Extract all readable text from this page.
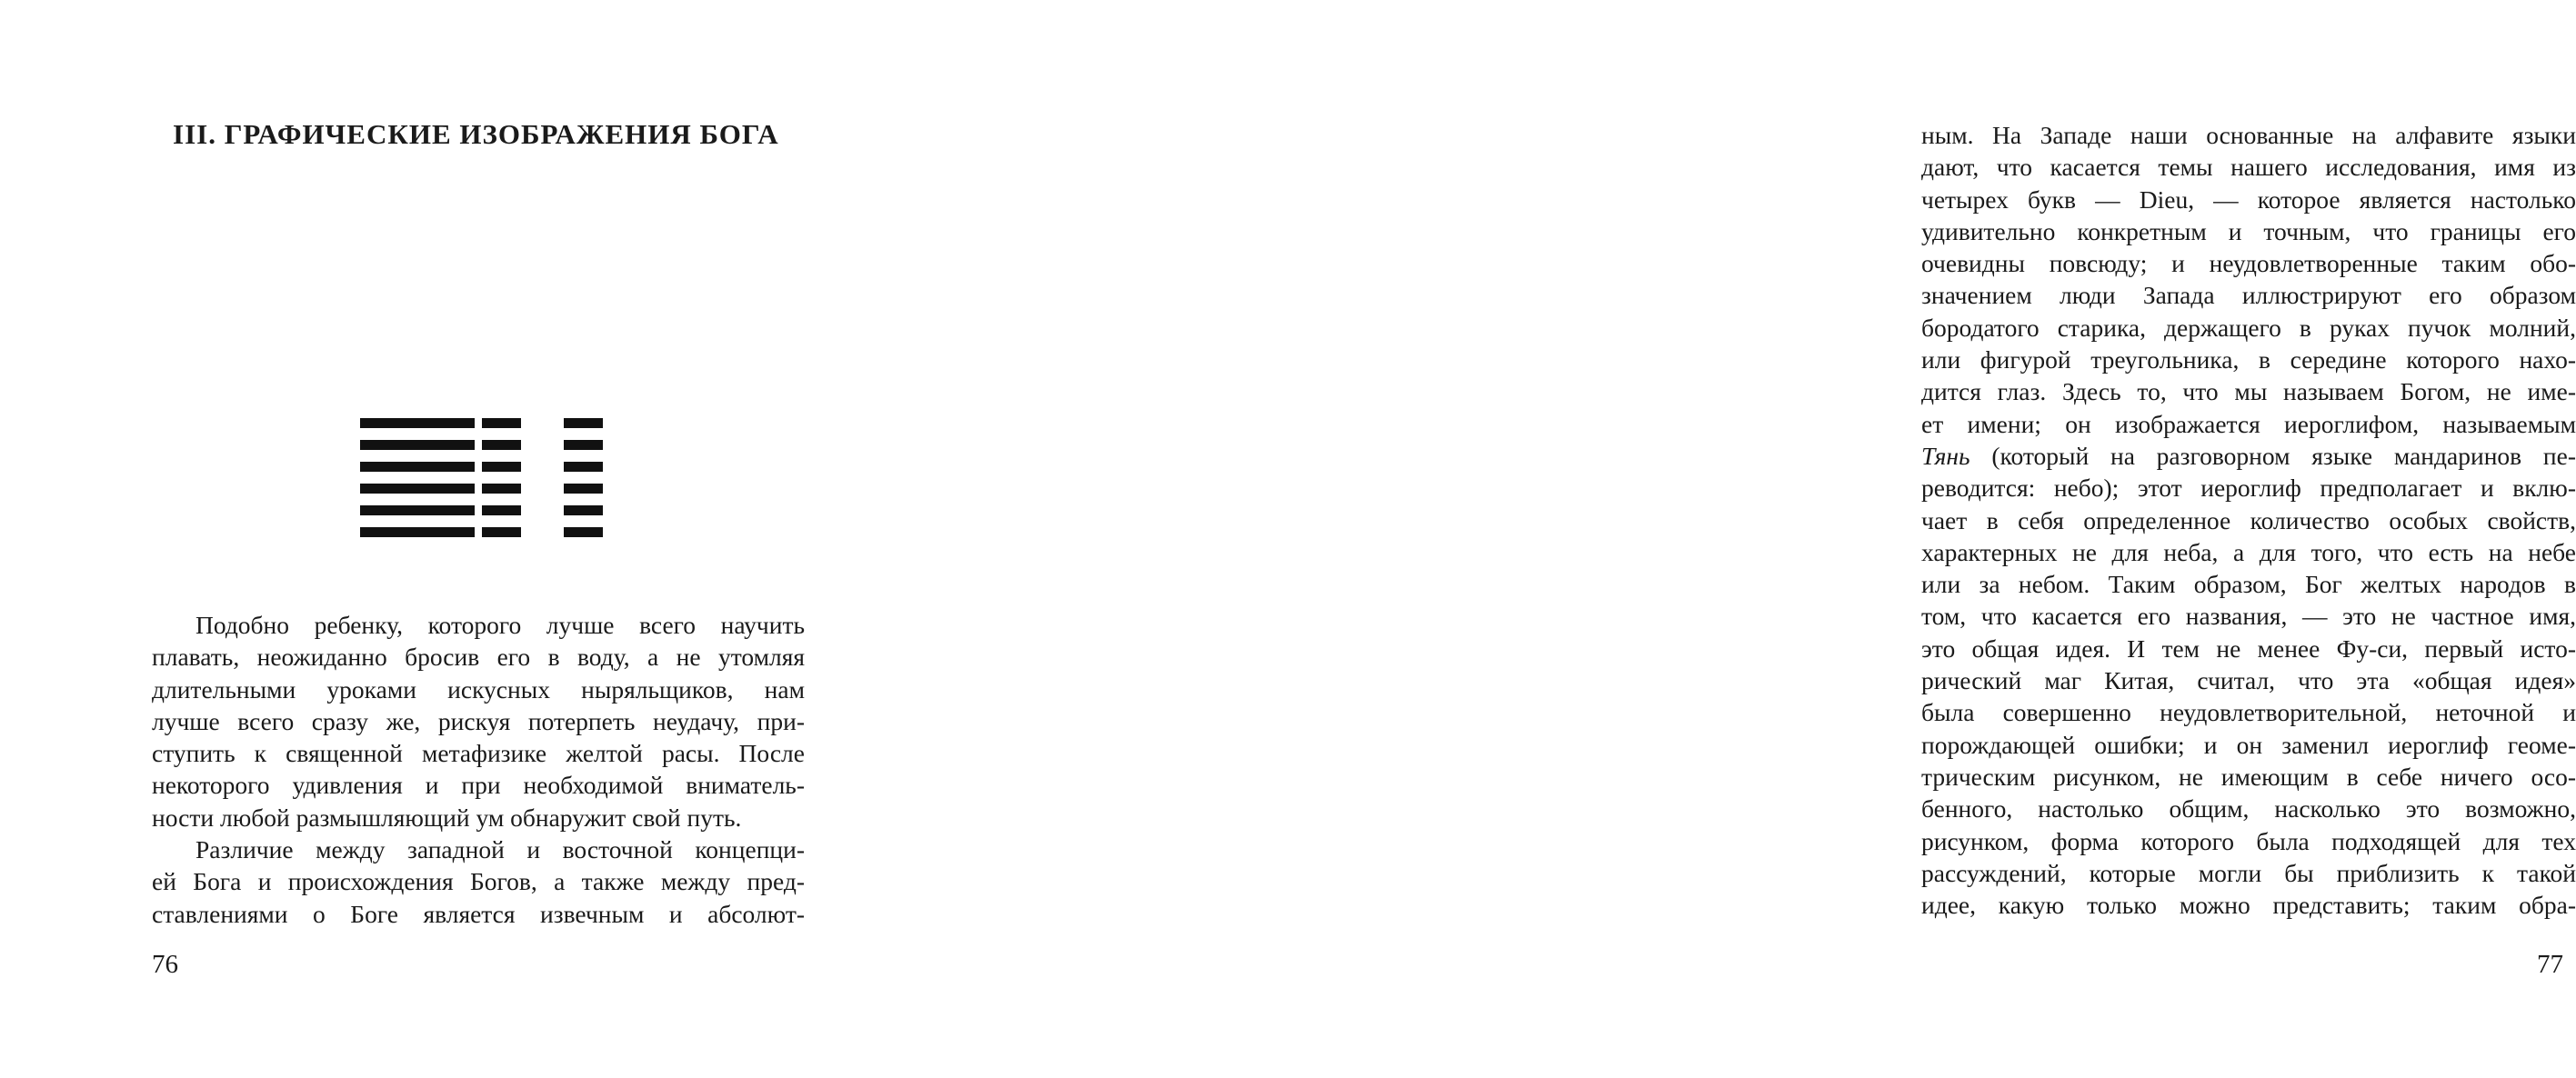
III. ГРАФИЧЕСКИЕ ИЗОБРАЖЕНИЯ БОГА
Подобно ребенку, которого лучше всего научить
плавать, неожиданно бросив его в воду, а не утомляя
длительными уроками искусных ныряльщиков, нам
лучше всего сразу же, рискуя потерпеть неудачу, при-
ступить к священной метафизике желтой расы. После
некоторого удивления и при необходимой вниматель-
ности любой размышляющий ум обнаружит свой путь.
Различие между западной и восточной концепци-
ей Бога и происхождения Богов, а также между пред-
ставлениями о Боге является извечным и абсолют-

76

ным. На Западе наши основанные на алфавите языки
дают, что касается темы нашего исследования, имя из
четырех букв — Dieu, — которое является настолько
удивительно конкретным и точным, что границы его
очевидны повсюду; и неудовлетворенные таким обо-
значением люди Запада иллюстрируют его образом
бородатого старика, держащего в руках пучок молний,
или фигурой треугольника, в середине которого нахо-
дится глаз. Здесь то, что мы называем Богом, не име-
ет имени; он изображается иероглифом, называемым
Тянь (который на разговорном языке мандаринов пе-
реводится: небо); этот иероглиф предполагает и вклю-
чает в себя определенное количество особых свойств,
характерных не для неба, а для того, что есть на небе
или за небом. Таким образом, Бог желтых народов в
том, что касается его названия, — это не частное имя,
это общая идея. И тем не менее Фу-си, первый исто-
рический маг Китая, считал, что эта «общая идея»
была совершенно неудовлетворительной, неточной и
порождающей ошибки; и он заменил иероглиф геоме-
трическим рисунком, не имеющим в себе ничего осо-
бенного, настолько общим, насколько это возможно,
рисунком, форма которого была подходящей для тех
рассуждений, которые могли бы приблизить к такой
идее, какую только можно представить; таким обра-

77
